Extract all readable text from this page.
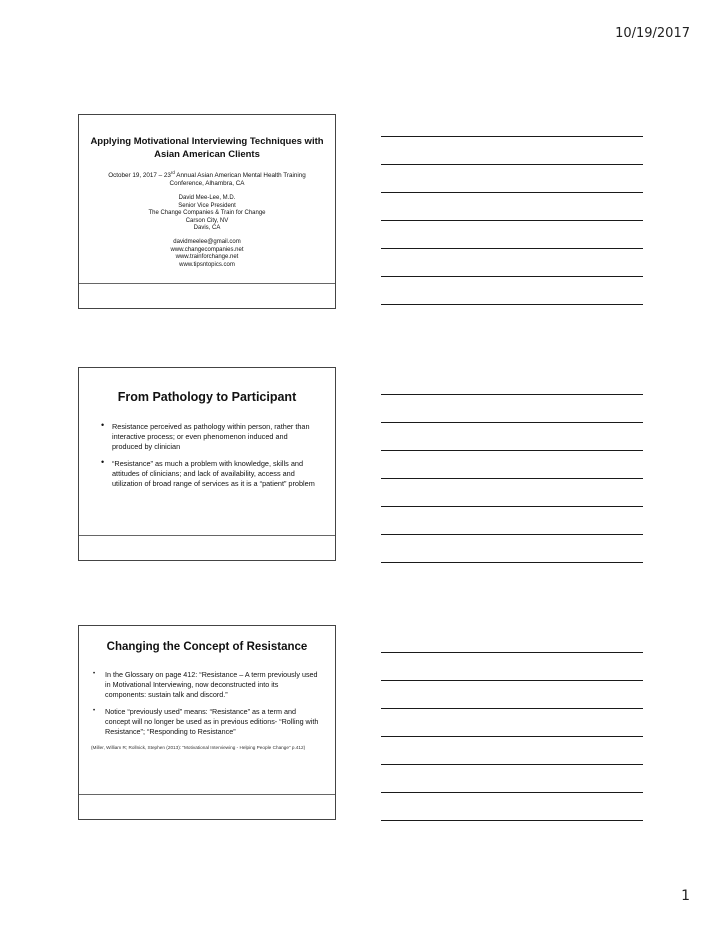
10/19/2017
Applying Motivational Interviewing Techniques with Asian American Clients
October 19, 2017 – 23rd Annual Asian American Mental Health Training Conference, Alhambra, CA
David Mee-Lee, M.D.
Senior Vice President
The Change Companies & Train for Change
Carson City, NV
Davis, CA
davidmeelee@gmail.com
www.changecompanies.net
www.trainforchange.net
www.tipsntopics.com
From Pathology to Participant
• Resistance perceived as pathology within person, rather than interactive process; or even phenomenon induced and produced by clinician
• “Resistance” as much a problem with knowledge, skills and attitudes of clinicians; and lack of availability, access and utilization of broad range of services as it is a “patient” problem
Changing the Concept of Resistance
• In the Glossary on page 412: “Resistance – A term previously used in Motivational Interviewing, now deconstructed into its components: sustain talk and discord.”
• Notice “previously used” means: “Resistance” as a term and concept will no longer be used as in previous editions- “Rolling with Resistance”; “Responding to Resistance”
(Miller, William R; Rollnick, Stephen (2013): “Motivational Interviewing - Helping People Change” p.412)
1
